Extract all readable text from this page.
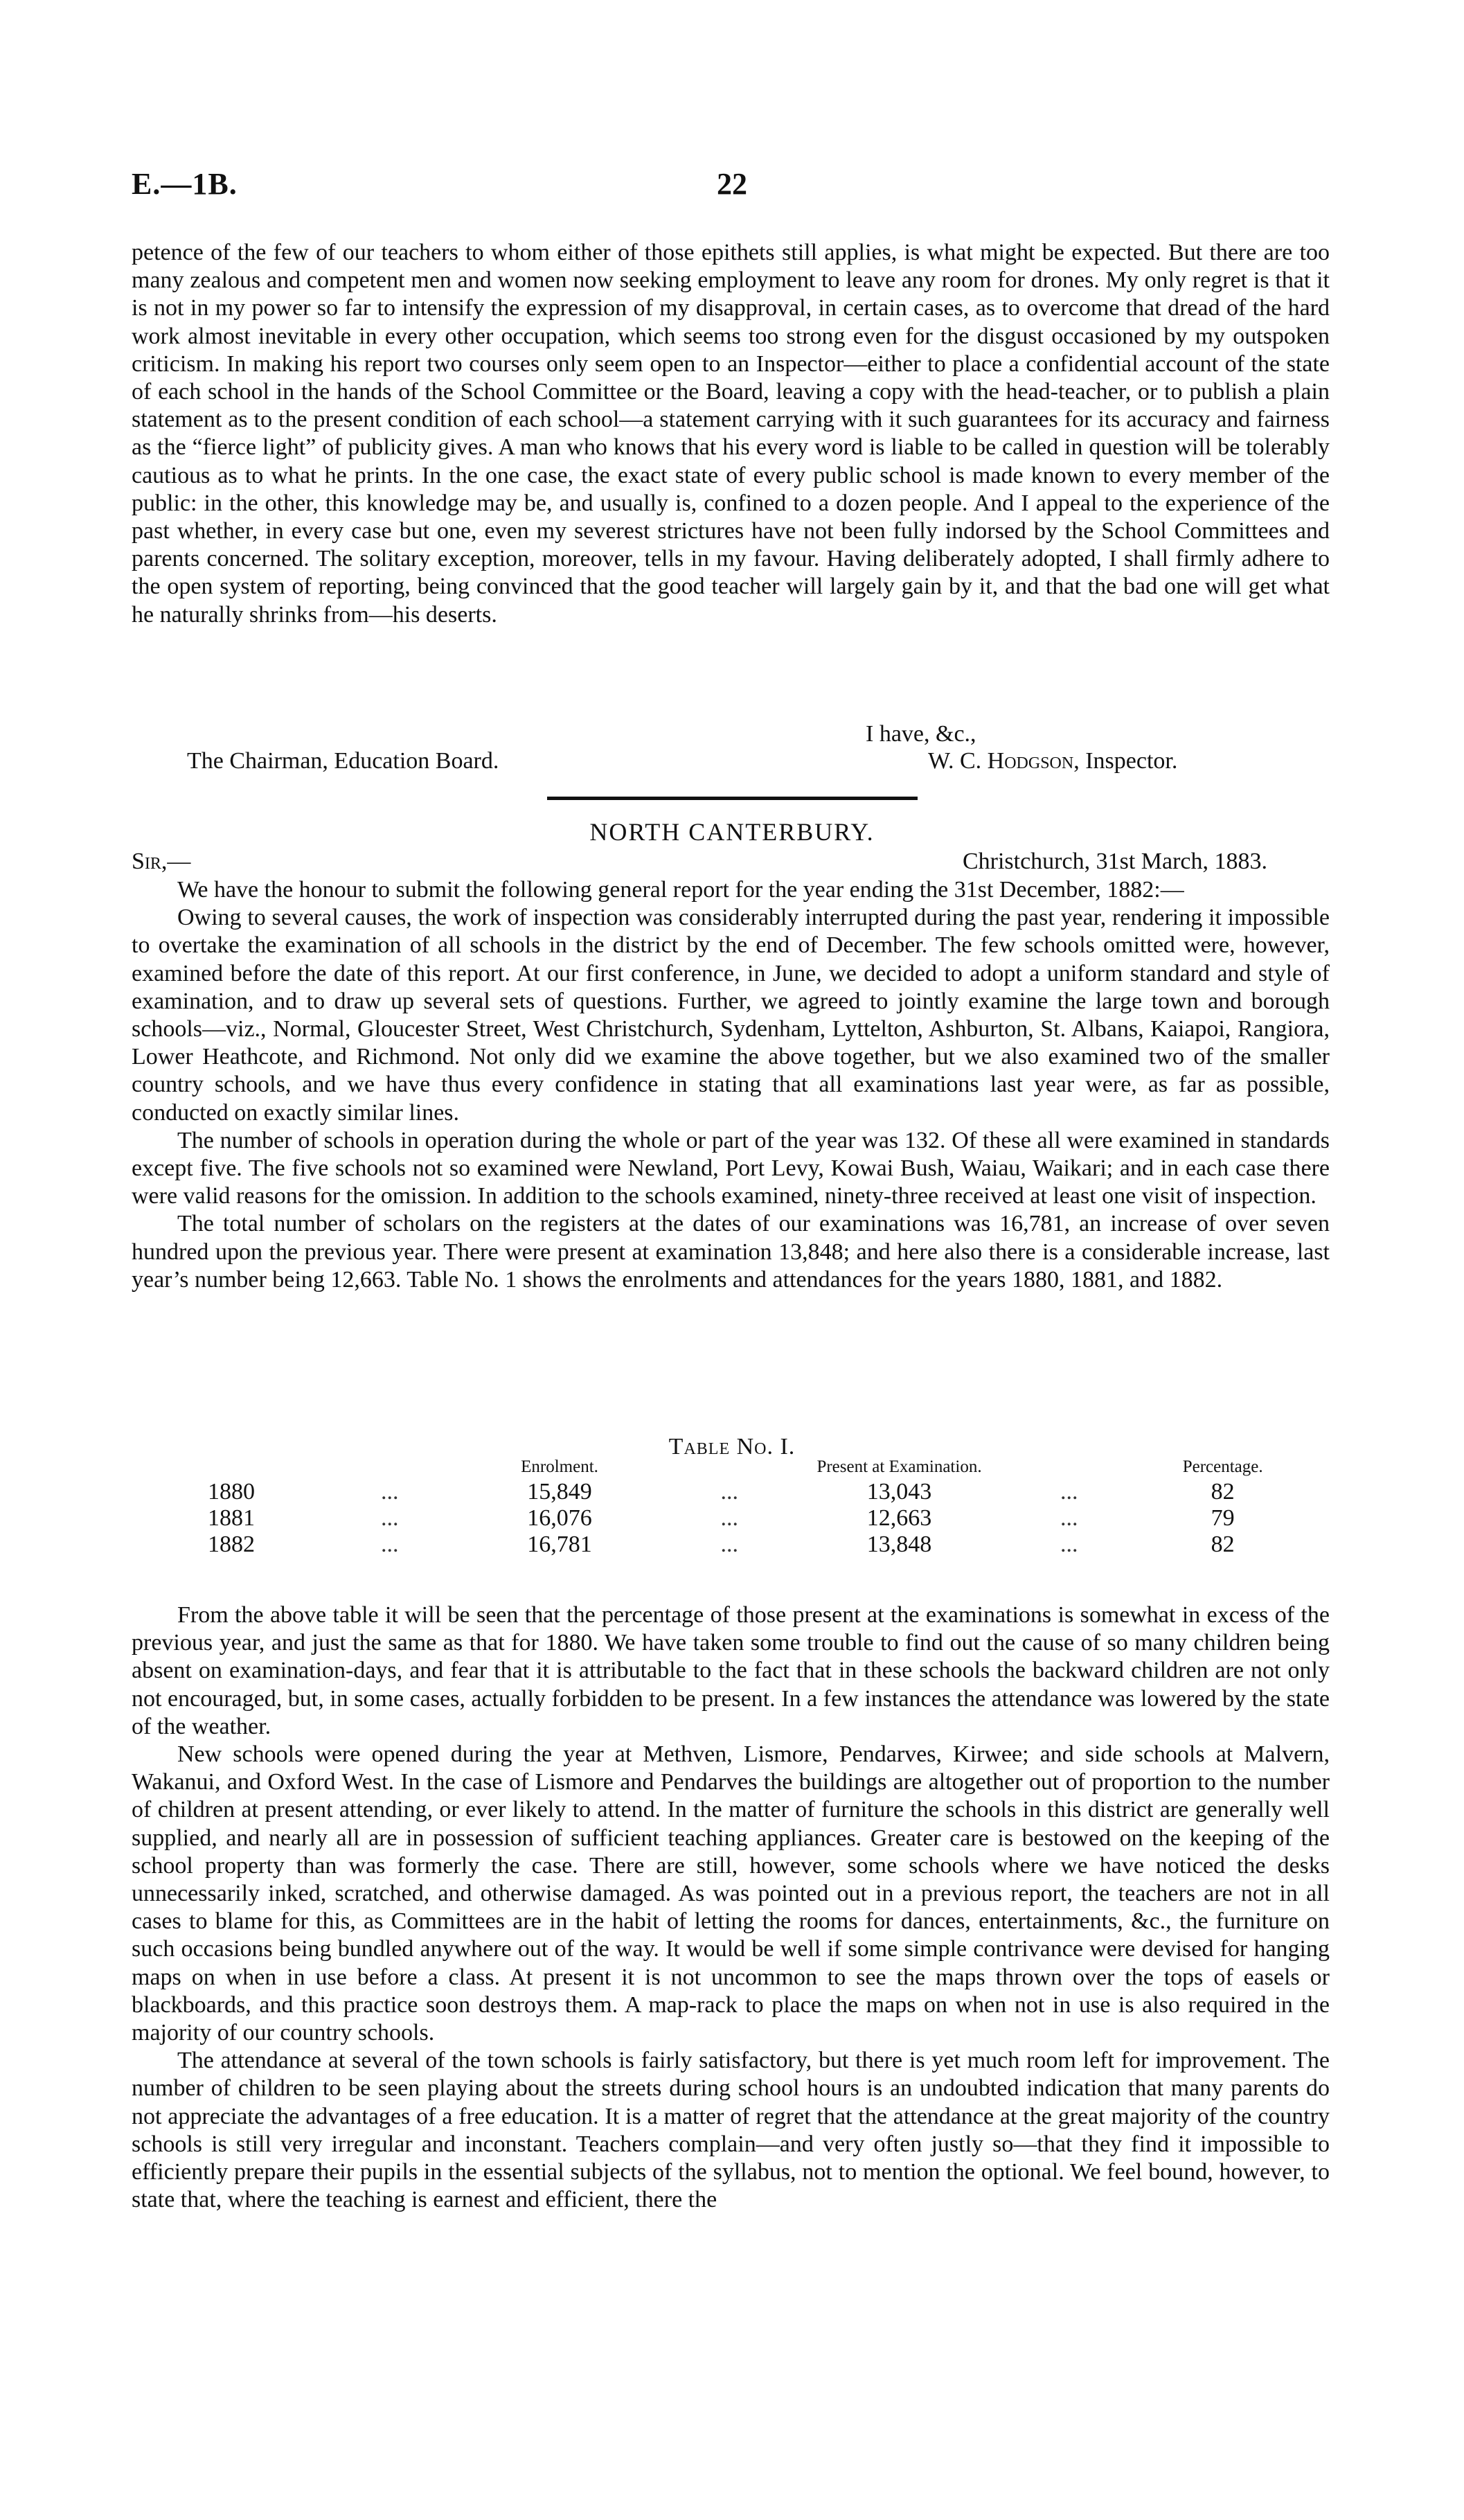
E.—1B.	22

petence of the few of our teachers to whom either of those epithets still applies, is what might be expected. But there are too many zealous and competent men and women now seeking employment to leave any room for drones. My only regret is that it is not in my power so far to intensify the expression of my disapproval, in certain cases, as to overcome that dread of the hard work almost inevitable in every other occupation, which seems too strong even for the disgust occasioned by my outspoken criticism. In making his report two courses only seem open to an Inspector—either to place a confidential account of the state of each school in the hands of the School Committee or the Board, leaving a copy with the head-teacher, or to publish a plain statement as to the present condition of each school—a statement carrying with it such guarantees for its accuracy and fairness as the “fierce light” of publicity gives. A man who knows that his every word is liable to be called in question will be tolerably cautious as to what he prints. In the one case, the exact state of every public school is made known to every member of the public: in the other, this knowledge may be, and usually is, confined to a dozen people. And I appeal to the experience of the past whether, in every case but one, even my severest strictures have not been fully indorsed by the School Committees and parents concerned. The solitary exception, moreover, tells in my favour. Having deliberately adopted, I shall firmly adhere to the open system of reporting, being convinced that the good teacher will largely gain by it, and that the bad one will get what he naturally shrinks from—his deserts.

I have, &c.,
The Chairman, Education Board.	W. C. Hodgson, Inspector.
NORTH CANTERBURY.
Sir,—	Christchurch, 31st March, 1883.

We have the honour to submit the following general report for the year ending the 31st December, 1882:—

Owing to several causes, the work of inspection was considerably interrupted during the past year, rendering it impossible to overtake the examination of all schools in the district by the end of December. The few schools omitted were, however, examined before the date of this report. At our first conference, in June, we decided to adopt a uniform standard and style of examination, and to draw up several sets of questions. Further, we agreed to jointly examine the large town and borough schools—viz., Normal, Gloucester Street, West Christchurch, Sydenham, Lyttelton, Ashburton, St. Albans, Kaiapoi, Rangiora, Lower Heathcote, and Richmond. Not only did we examine the above together, but we also examined two of the smaller country schools, and we have thus every confidence in stating that all examinations last year were, as far as possible, conducted on exactly similar lines.

The number of schools in operation during the whole or part of the year was 132. Of these all were examined in standards except five. The five schools not so examined were Newland, Port Levy, Kowai Bush, Waiau, Waikari; and in each case there were valid reasons for the omission. In addition to the schools examined, ninety-three received at least one visit of inspection.

The total number of scholars on the registers at the dates of our examinations was 16,781, an increase of over seven hundred upon the previous year. There were present at examination 13,848; and here also there is a considerable increase, last year’s number being 12,663. Table No. 1 shows the enrolments and attendances for the years 1880, 1881, and 1882.

Table No. I.
		Enrolment.		Present at Examination.		Percentage.
1880	...	15,849	...	13,043	...	82
1881	...	16,076	...	12,663	...	79
1882	...	16,781	...	13,848	...	82

From the above table it will be seen that the percentage of those present at the examinations is somewhat in excess of the previous year, and just the same as that for 1880. We have taken some trouble to find out the cause of so many children being absent on examination-days, and fear that it is attributable to the fact that in these schools the backward children are not only not encouraged, but, in some cases, actually forbidden to be present. In a few instances the attendance was lowered by the state of the weather.

New schools were opened during the year at Methven, Lismore, Pendarves, Kirwee; and side schools at Malvern, Wakanui, and Oxford West. In the case of Lismore and Pendarves the buildings are altogether out of proportion to the number of children at present attending, or ever likely to attend. In the matter of furniture the schools in this district are generally well supplied, and nearly all are in possession of sufficient teaching appliances. Greater care is bestowed on the keeping of the school property than was formerly the case. There are still, however, some schools where we have noticed the desks unnecessarily inked, scratched, and otherwise damaged. As was pointed out in a previous report, the teachers are not in all cases to blame for this, as Committees are in the habit of letting the rooms for dances, entertainments, &c., the furniture on such occasions being bundled anywhere out of the way. It would be well if some simple contrivance were devised for hanging maps on when in use before a class. At present it is not uncommon to see the maps thrown over the tops of easels or blackboards, and this practice soon destroys them. A map-rack to place the maps on when not in use is also required in the majority of our country schools.

The attendance at several of the town schools is fairly satisfactory, but there is yet much room left for improvement. The number of children to be seen playing about the streets during school hours is an undoubted indication that many parents do not appreciate the advantages of a free education. It is a matter of regret that the attendance at the great majority of the country schools is still very irregular and inconstant. Teachers complain—and very often justly so—that they find it impossible to efficiently prepare their pupils in the essential subjects of the syllabus, not to mention the optional. We feel bound, however, to state that, where the teaching is earnest and efficient, there the
